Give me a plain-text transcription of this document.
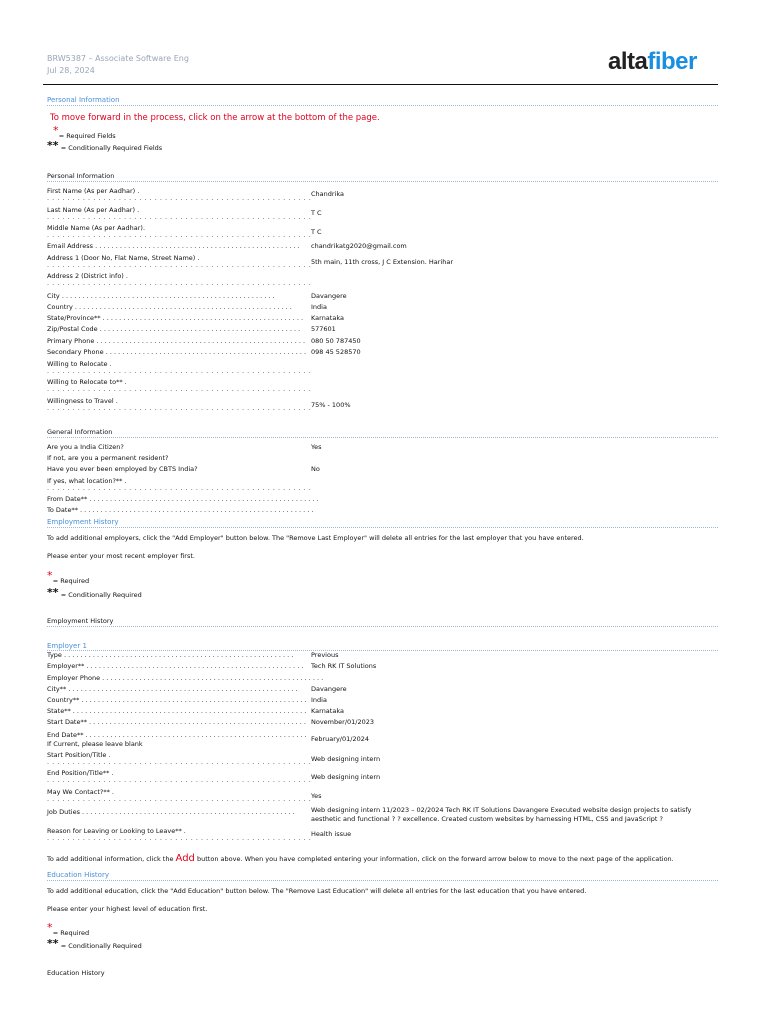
BRW5387 – Associate Software Eng
Jul 28, 2024	altafiber
Personal Information
To move forward in the process, click on the arrow at the bottom of the page.
* = Required Fields
** = Conditionally Required Fields
Personal Information
First Name (As per Aadhar) .
. . . . . . . . . . . . . . . . . . . . . . . . . . . . . . . . . . . . . . . . . . . . . . . . . . . . Chandrika
Last Name (As per Aadhar) .
. . . . . . . . . . . . . . . . . . . . . . . . . . . . . . . . . . . . . . . . . . . . . . . . . . . . T C
Middle Name (As per Aadhar).
. . . . . . . . . . . . . . . . . . . . . . . . . . . . . . . . . . . . . . . . . . . . . . . . . . . . T C
Email Address . . . . . . . . . . . . . . . . . . . . . . . . . . . . . . . . . . . . . . . . . . . . . . . . . . chandrikatg2020@gmail.com
Address 1 (Door No, Flat Name, Street Name) .
. . . . . . . . . . . . . . . . . . . . . . . . . . . . . . . . . . . . . . . . . . . . . . . . . . . . 5th main, 11th cross, J C Extension. Harihar
Address 2 (District info) .
. . . . . . . . . . . . . . . . . . . . . . . . . . . . . . . . . . . . . . . . . . . . . . . . . . . .
City . . . . . . . . . . . . . . . . . . . . . . . . . . . . . . . . . . . . . . . . . . . . . . . . . . . .	Davangere
Country . . . . . . . . . . . . . . . . . . . . . . . . . . . . . . . . . . . . . . . . . . . . . . . . . . . . .	India
State/Province** . . . . . . . . . . . . . . . . . . . . . . . . . . . . . . . . . . . . . . . . . . . . . . . . . Karnataka
Zip/Postal Code . . . . . . . . . . . . . . . . . . . . . . . . . . . . . . . . . . . . . . . . . . . . . . . . . 577601
Primary Phone . . . . . . . . . . . . . . . . . . . . . . . . . . . . . . . . . . . . . . . . . . . . . . . . . . . 080 50 787450
Secondary Phone . . . . . . . . . . . . . . . . . . . . . . . . . . . . . . . . . . . . . . . . . . . . . . . . . 098 45 528570
Willing to Relocate .
. . . . . . . . . . . . . . . . . . . . . . . . . . . . . . . . . . . . . . . . . . . . . . . . . . . .
Willing to Relocate to** .
. . . . . . . . . . . . . . . . . . . . . . . . . . . . . . . . . . . . . . . . . . . . . . . . . . . .
Willingness to Travel .
. . . . . . . . . . . . . . . . . . . . . . . . . . . . . . . . . . . . . . . . . . . . . . . . . . . . 75% - 100%
General Information
Are you a India Citizen?	Yes
If not, are you a permanent resident?
Have you ever been employed by CBTS India?	No
If yes, what location?** .
. . . . . . . . . . . . . . . . . . . . . . . . . . . . . . . . . . . . . . . . . . . . . . . . . . . .
From Date** . . . . . . . . . . . . . . . . . . . . . . . . . . . . . . . . . . . . . . . . . . . . . . . . . . . . . . . .
To Date** . . . . . . . . . . . . . . . . . . . . . . . . . . . . . . . . . . . . . . . . . . . . . . . . . . . . . . . . .
Employment History
To add additional employers, click the "Add Employer" button below. The "Remove Last Employer" will delete all entries for the last employer that you have entered.
Please enter your most recent employer first.
* = Required
** = Conditionally Required
Employment History
Employer 1
Type . . . . . . . . . . . . . . . . . . . . . . . . . . . . . . . . . . . . . . . . . . . . . . . . . . . . . . . .	Previous
Employer** . . . . . . . . . . . . . . . . . . . . . . . . . . . . . . . . . . . . . . . . . . . . . . . . . . . . . Tech RK IT Solutions
Employer Phone . . . . . . . . . . . . . . . . . . . . . . . . . . . . . . . . . . . . . . . . . . . . . . . . . . . . . .
City** . . . . . . . . . . . . . . . . . . . . . . . . . . . . . . . . . . . . . . . . . . . . . . . . . . . . . . . . Davangere
Country** . . . . . . . . . . . . . . . . . . . . . . . . . . . . . . . . . . . . . . . . . . . . . . . . . . . . . . . India
State** . . . . . . . . . . . . . . . . . . . . . . . . . . . . . . . . . . . . . . . . . . . . . . . . . . . . . . . . . Karnataka
Start Date** . . . . . . . . . . . . . . . . . . . . . . . . . . . . . . . . . . . . . . . . . . . . . . . . . . . . . November/01/2023
End Date** . . . . . . . . . . . . . . . . . . . . . . . . . . . . . . . . . . . . . . . . . . . . . . . . . . . . . . February/01/2024
If Current, please leave blank
Start Position/Title .
. . . . . . . . . . . . . . . . . . . . . . . . . . . . . . . . . . . . . . . . . . . . . . . . . . . . Web designing intern
End Position/Title** .
. . . . . . . . . . . . . . . . . . . . . . . . . . . . . . . . . . . . . . . . . . . . . . . . . . . . Web designing intern
May We Contact?** .
. . . . . . . . . . . . . . . . . . . . . . . . . . . . . . . . . . . . . . . . . . . . . . . . . . . . Yes
Job Duties . . . . . . . . . . . . . . . . . . . . . . . . . . . . . . . . . . . . . . . . . . . . . . . . . . . . Web designing intern 11/2023 – 02/2024 Tech RK IT Solutions Davangere Executed website design projects to satisfy aesthetic and functional ? ? excellence. Created custom websites by harnessing HTML, CSS and JavaScript ?
Reason for Leaving or Looking to Leave** .
. . . . . . . . . . . . . . . . . . . . . . . . . . . . . . . . . . . . . . . . . . . . . . . . . . . . Health issue
To add additional information, click the Add button above. When you have completed entering your information, click on the forward arrow below to move to the next page of the application.
Education History
To add additional education, click the "Add Education" button below. The "Remove Last Education" will delete all entries for the last education that you have entered.
Please enter your highest level of education first.
* = Required
** = Conditionally Required
Education History
